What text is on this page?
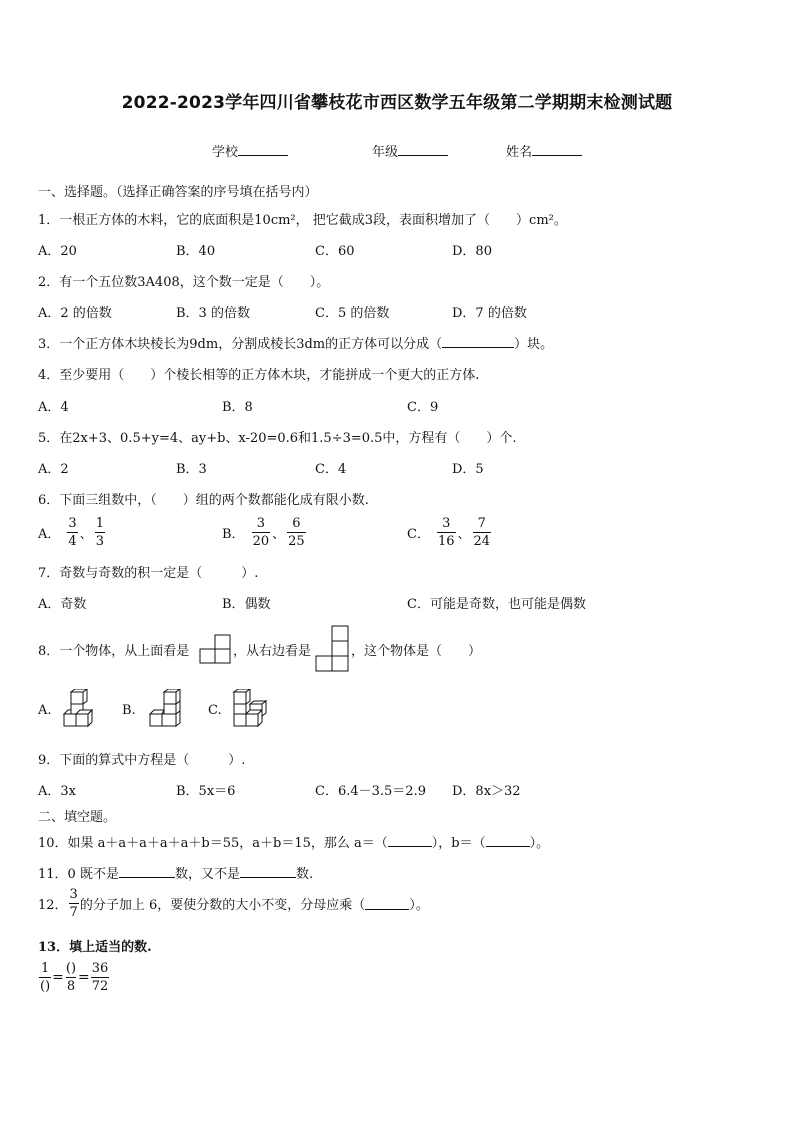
2022-2023学年四川省攀枝花市西区数学五年级第二学期期末检测试题
学校	年级	姓名
一、选择题。（选择正确答案的序号填在括号内）
1．一根正方体的木料，它的底面积是10cm²， 把它截成3段，表面积增加了（　　）cm²。
A．20	B．40	C．60	D．80
2．有一个五位数3A408，这个数一定是（　　）。
A．2 的倍数	B．3 的倍数	C．5 的倍数	D．7 的倍数
3．一个正方体木块棱长为9dm，分割成棱长3dm的正方体可以分成（	）块。
4．至少要用（　　）个棱长相等的正方体木块，才能拼成一个更大的正方体.
A．4	B．8	C．9
5．在2x+3、0.5+y=4、ay+b、x-20=0.6和1.5÷3=0.5中，方程有（　　）个.
A．2	B．3	C．4	D．5
6．下面三组数中，（　　）组的两个数都能化成有限小数.
A． $\frac{3}{4}$ 、 $\frac{1}{3}$	B． $\frac{3}{20}$ 、 $\frac{6}{25}$	C． $\frac{3}{16}$ 、 $\frac{7}{24}$
7．奇数与奇数的积一定是（　　　）.
A．奇数	B．偶数	C．可能是奇数，也可能是偶数
8．一个物体，从上面看是	，从右边看是	，这个物体是（　　）
A.	B.	C.
9．下面的算式中方程是（　　　）.
A．3x	B．5x＝6	C．6.4－3.5＝2.9 D．8x＞32
二、填空题。
10．如果 a＋a＋a＋a＋a＋b＝55，a＋b＝15，那么 a＝（	），b＝（	）。
11．0 既不是	数，又不是	数.
12． $\frac{3}{7}$ 的分子加上 6，要使分数的大小不变，分母应乘（	）。
13．填上适当的数.
$\frac{1}{()} = \frac{()}{8} = \frac{36}{72}$
